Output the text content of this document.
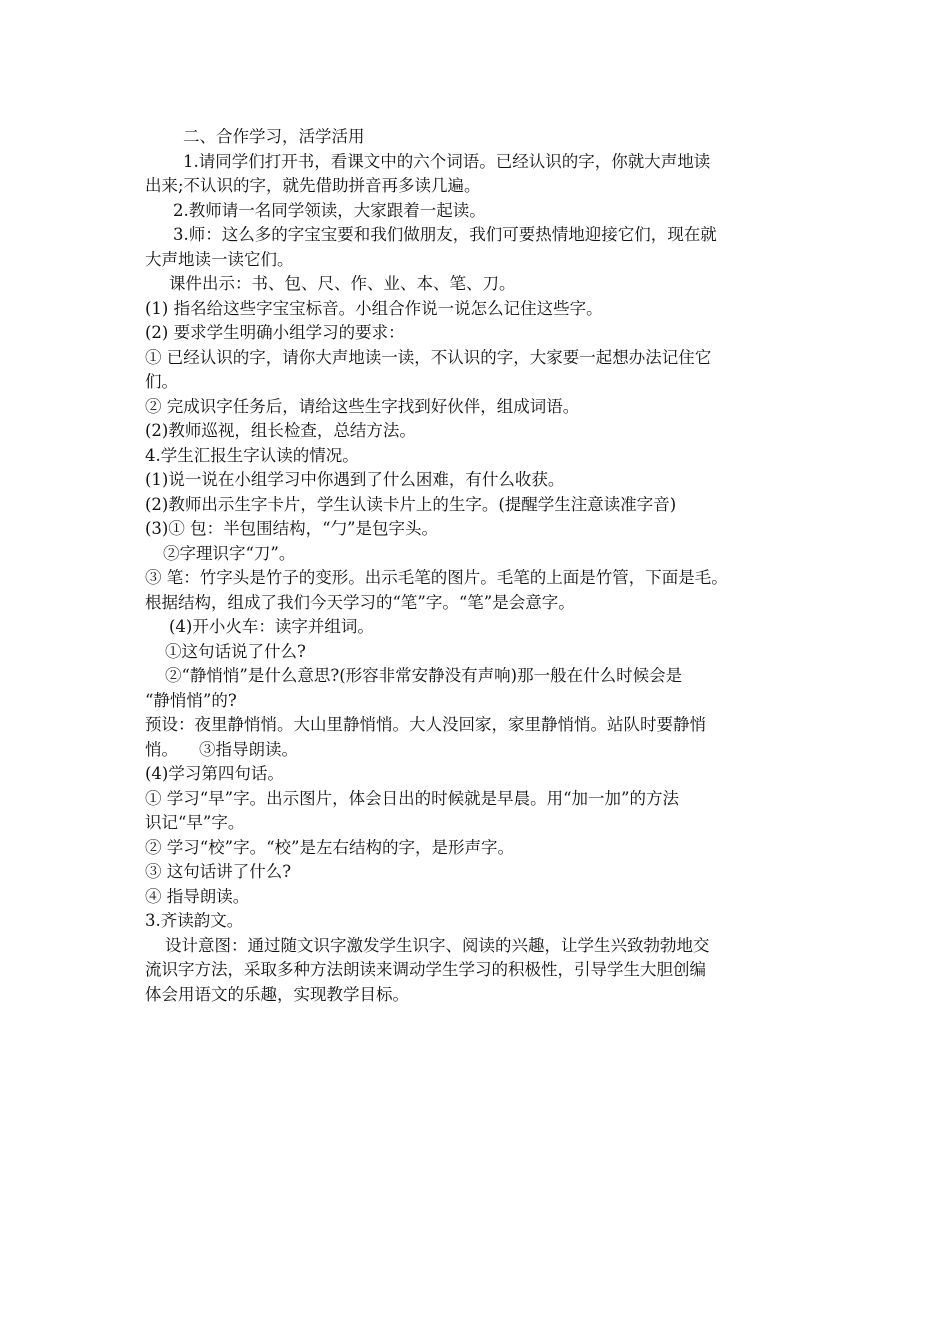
二、合作学习，活学活用

1.请同学们打开书，看课文中的六个词语。已经认识的字，你就大声地读

出来;不认识的字，就先借助拼音再多读几遍。

2.教师请一名同学领读，大家跟着一起读。

3.师：这么多的字宝宝要和我们做朋友，我们可要热情地迎接它们，现在就

大声地读一读它们。

课件出示：书、包、尺、作、业、本、笔、刀。

(1) 指名给这些字宝宝标音。小组合作说一说怎么记住这些字。

(2) 要求学生明确小组学习的要求：

① 已经认识的字，请你大声地读一读，不认识的字，大家要一起想办法记住它

们。

② 完成识字任务后，请给这些生字找到好伙伴，组成词语。

(2)教师巡视，组长检查，总结方法。

4.学生汇报生字认读的情况。

(1)说一说在小组学习中你遇到了什么困难，有什么收获。

(2)教师出示生字卡片，学生认读卡片上的生字。(提醒学生注意读准字音)

(3)① 包：半包围结构，“勹”是包字头。

②字理识字“刀”。

③ 笔：竹字头是竹子的变形。出示毛笔的图片。毛笔的上面是竹管，下面是毛。

根据结构，组成了我们今天学习的“笔”字。“笔”是会意字。

(4)开小火车：读字并组词。

①这句话说了什么?

②“静悄悄”是什么意思?(形容非常安静没有声响)那一般在什么时候会是

“静悄悄”的?

预设：夜里静悄悄。大山里静悄悄。大人没回家，家里静悄悄。站队时要静悄

悄。    ③指导朗读。

(4)学习第四句话。

① 学习“早”字。出示图片，体会日出的时候就是早晨。用“加一加”的方法

识记“早”字。

② 学习“校”字。“校”是左右结构的字，是形声字。

③ 这句话讲了什么?

④ 指导朗读。

3.齐读韵文。

设计意图：通过随文识字激发学生识字、阅读的兴趣，让学生兴致勃勃地交

流识字方法，采取多种方法朗读来调动学生学习的积极性，引导学生大胆创编

体会用语文的乐趣，实现教学目标。
